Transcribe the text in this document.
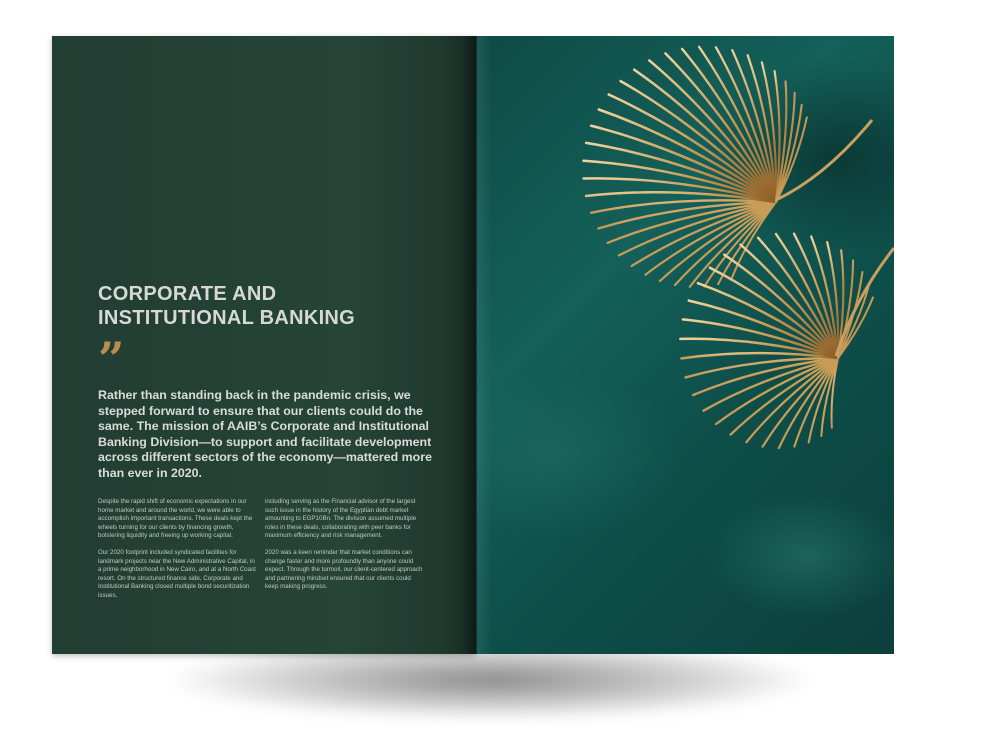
CORPORATE AND INSTITUTIONAL BANKING
”

Rather than standing back in the pandemic crisis, we stepped forward to ensure that our clients could do the same. The mission of AAIB’s Corporate and Institutional Banking Division—to support and facilitate development across different sectors of the economy—mattered more than ever in 2020.

Despite the rapid shift of economic expectations in our home market and around the world, we were able to accomplish important transactions. These deals kept the wheels turning for our clients by financing growth, bolstering liquidity and freeing up working capital.

Our 2020 footprint included syndicated facilities for landmark projects near the New Administrative Capital, in a prime neighborhood in New Cairo, and at a North Coast resort. On the structured finance side, Corporate and Institutional Banking closed multiple bond securitization issues,

including serving as the Financial advisor of the largest such issue in the history of the Egyptian debt market amounting to EGP10Bn. The division assumed multiple roles in these deals, collaborating with peer banks for maximum efficiency and risk management.

2020 was a keen reminder that market conditions can change faster and more profoundly than anyone could expect. Through the turmoil, our client-centered approach and partnering mindset ensured that our clients could keep making progress.
